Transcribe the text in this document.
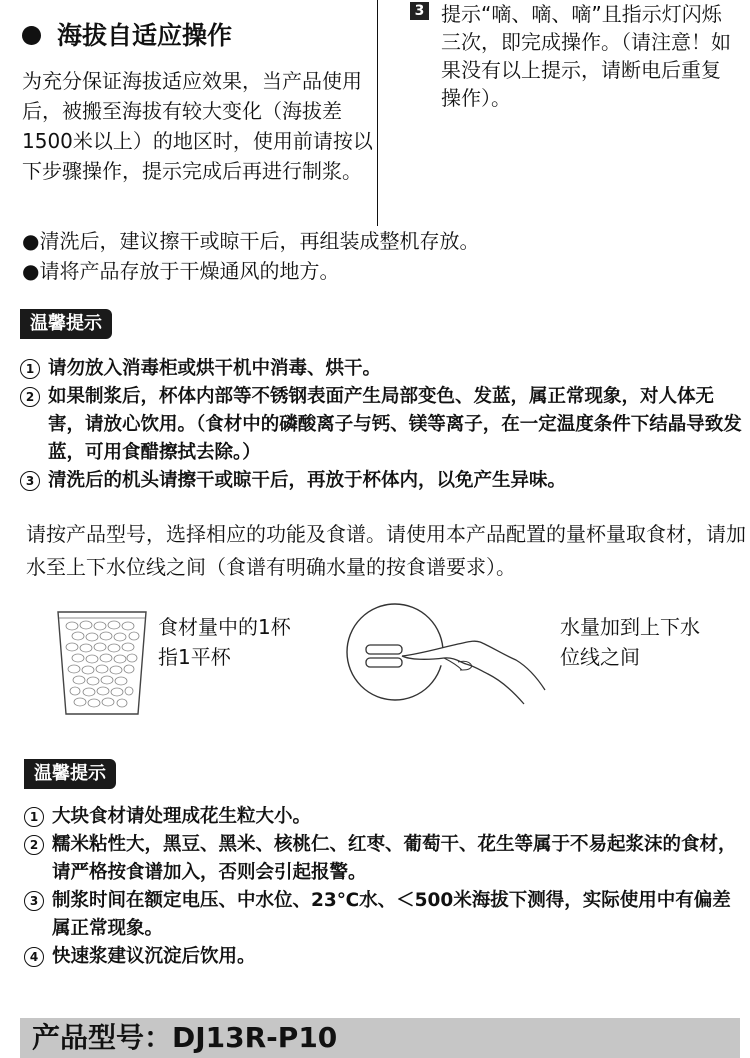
海拔自适应操作
为充分保证海拔适应效果，当产品使用后，被搬至海拔有较大变化（海拔差1500米以上）的地区时，使用前请按以下步骤操作，提示完成后再进行制浆。
3 提示“嘀、嘀、嘀”且指示灯闪烁三次，即完成操作。（请注意！如果没有以上提示，请断电后重复操作）。
● 清洗后，建议擦干或晾干后，再组装成整机存放。
● 请将产品存放于干燥通风的地方。
温馨提示
1 请勿放入消毒柜或烘干机中消毒、烘干。
2 如果制浆后，杯体内部等不锈钢表面产生局部变色、发蓝，属正常现象，对人体无害，请放心饮用。（食材中的磷酸离子与钙、镁等离子，在一定温度条件下结晶导致发蓝，可用食醋擦拭去除。）
3 清洗后的机头请擦干或晾干后，再放于杯体内，以免产生异味。
请按产品型号，选择相应的功能及食谱。请使用本产品配置的量杯量取食材，请加水至上下水位线之间（食谱有明确水量的按食谱要求）。
食材量中的1杯
指1平杯
水量加到上下水
位线之间
温馨提示
1 大块食材请处理成花生粒大小。
2 糯米粘性大，黑豆、黑米、核桃仁、红枣、葡萄干、花生等属于不易起浆沫的食材，请严格按食谱加入，否则会引起报警。
3 制浆时间在额定电压、中水位、23℃水、＜500米海拔下测得，实际使用中有偏差属正常现象。
4 快速浆建议沉淀后饮用。
产品型号：DJ13R-P10
